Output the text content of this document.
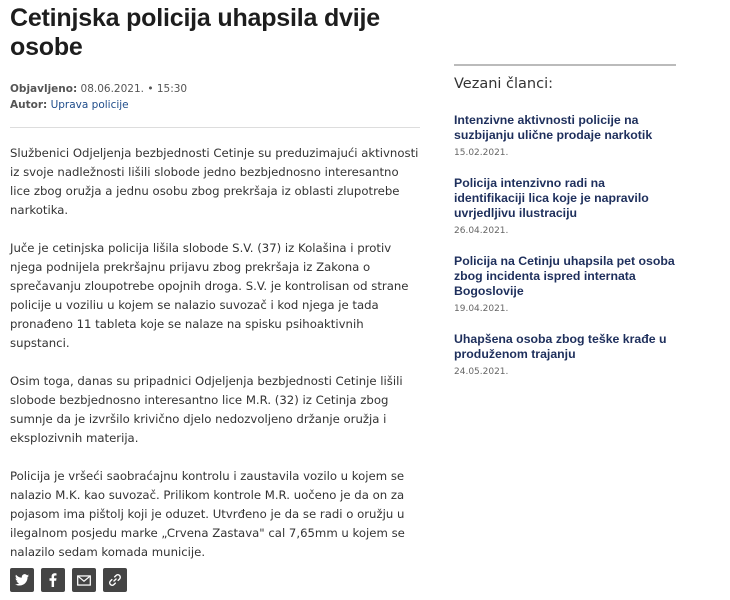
Cetinjska policija uhapsila dvije osobe
Objavljeno: 08.06.2021. • 15:30
Autor: Uprava policije

Službenici Odjeljenja bezbjednosti Cetinje su preduzimajući aktivnosti iz svoje nadležnosti lišili slobode jedno bezbjednosno interesantno lice zbog oružja a jednu osobu zbog prekršaja iz oblasti zlupotrebe narkotika.

Juče je cetinjska policija lišila slobode S.V. (37) iz Kolašina i protiv njega podnijela prekršajnu prijavu zbog prekršaja iz Zakona o sprečavanju zloupotrebe opojnih droga. S.V. je kontrolisan od strane policije u voziliu u kojem se nalazio suvozač i kod njega je tada pronađeno 11 tableta koje se nalaze na spisku psihoaktivnih supstanci.

Osim toga, danas su pripadnici Odjeljenja bezbjednosti Cetinje lišili slobode bezbjednosno interesantno lice M.R. (32) iz Cetinja zbog sumnje da je izvršilo krivično djelo nedozvoljeno držanje oružja i eksplozivnih materija.

Policija je vršeći saobraćajnu kontrolu i zaustavila vozilo u kojem se nalazio M.K. kao suvozač. Prilikom kontrole M.R. uočeno je da on za pojasom ima pištolj koji je oduzet. Utvrđeno je da se radi o oružju u ilegalnom posjedu marke „Crvena Zastava" cal 7,65mm u kojem se nalazilo sedam komada municije.

Vezani članci:
Intenzivne aktivnosti policije na suzbijanju ulične prodaje narkotik
15.02.2021.
Policija intenzivno radi na identifikaciji lica koje je napravilo uvrjedljivu ilustraciju
26.04.2021.
Policija na Cetinju uhapsila pet osoba zbog incidenta ispred internata Bogoslovije
19.04.2021.
Uhapšena osoba zbog teške krađe u produženom trajanju
24.05.2021.
